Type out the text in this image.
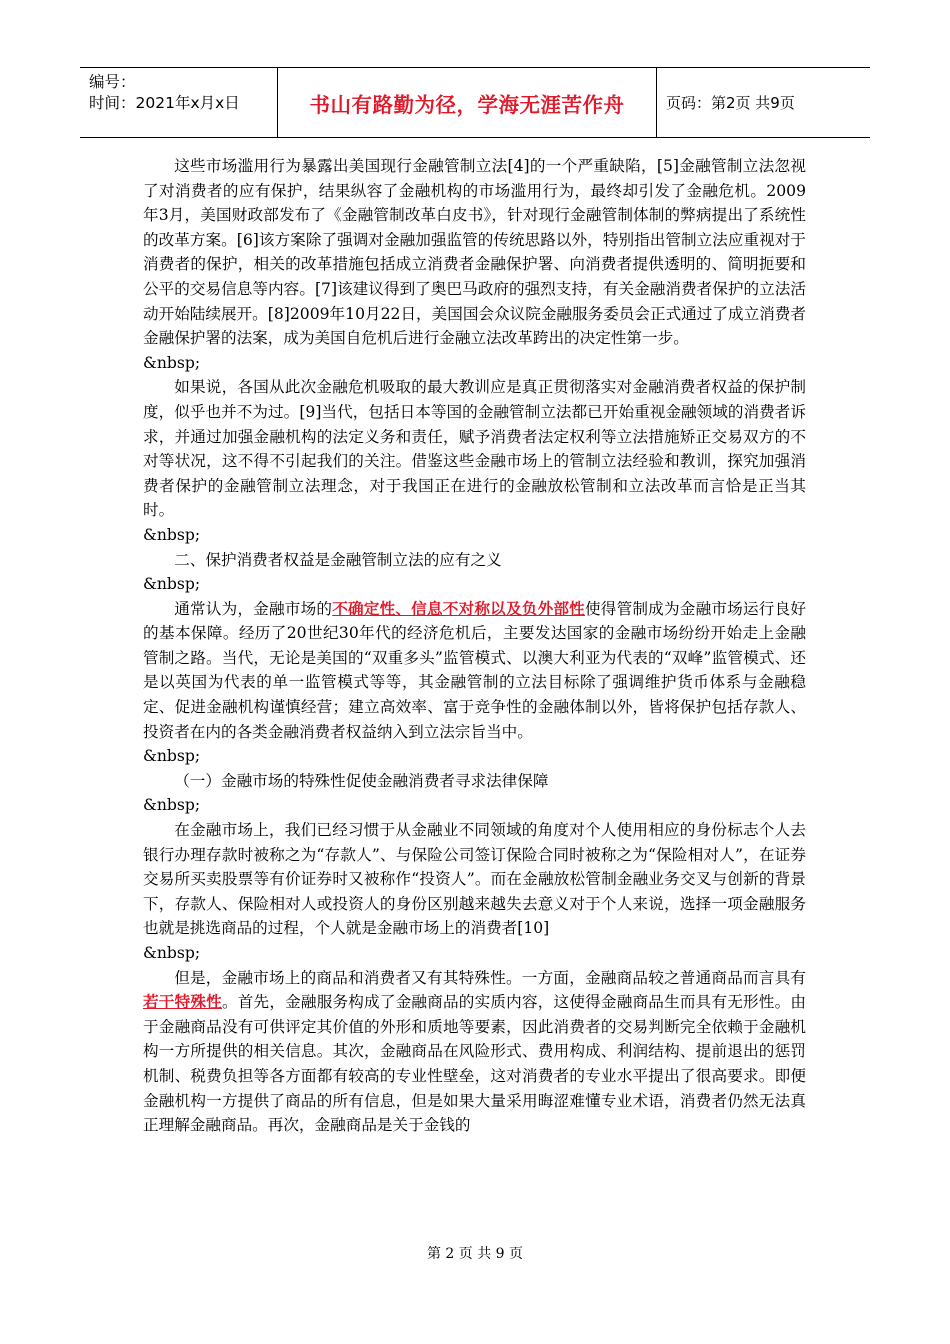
编号：
时间：2021年x月x日	书山有路勤为径，学海无涯苦作舟	页码：第2页 共9页

这些市场滥用行为暴露出美国现行金融管制立法[4]的一个严重缺陷，[5]金融管制立法忽视了对消费者的应有保护，结果纵容了金融机构的市场滥用行为，最终却引发了金融危机。2009年3月，美国财政部发布了《金融管制改革白皮书》，针对现行金融管制体制的弊病提出了系统性的改革方案。[6]该方案除了强调对金融加强监管的传统思路以外，特别指出管制立法应重视对于消费者的保护，相关的改革措施包括成立消费者金融保护署、向消费者提供透明的、简明扼要和公平的交易信息等内容。[7]该建议得到了奥巴马政府的强烈支持，有关金融消费者保护的立法活动开始陆续展开。[8]2009年10月22日，美国国会众议院金融服务委员会正式通过了成立消费者金融保护署的法案，成为美国自危机后进行金融立法改革跨出的决定性第一步。

&nbsp;

如果说，各国从此次金融危机吸取的最大教训应是真正贯彻落实对金融消费者权益的保护制度，似乎也并不为过。[9]当代，包括日本等国的金融管制立法都已开始重视金融领域的消费者诉求，并通过加强金融机构的法定义务和责任，赋予消费者法定权利等立法措施矫正交易双方的不对等状况，这不得不引起我们的关注。借鉴这些金融市场上的管制立法经验和教训，探究加强消费者保护的金融管制立法理念，对于我国正在进行的金融放松管制和立法改革而言恰是正当其时。

&nbsp;

二、保护消费者权益是金融管制立法的应有之义

&nbsp;

通常认为，金融市场的不确定性、信息不对称以及负外部性使得管制成为金融市场运行良好的基本保障。经历了20世纪30年代的经济危机后，主要发达国家的金融市场纷纷开始走上金融管制之路。当代，无论是美国的“双重多头”监管模式、以澳大利亚为代表的“双峰”监管模式、还是以英国为代表的单一监管模式等等，其金融管制的立法目标除了强调维护货币体系与金融稳定、促进金融机构谨慎经营；建立高效率、富于竞争性的金融体制以外，皆将保护包括存款人、投资者在内的各类金融消费者权益纳入到立法宗旨当中。

&nbsp;

（一）金融市场的特殊性促使金融消费者寻求法律保障

&nbsp;

在金融市场上，我们已经习惯于从金融业不同领域的角度对个人使用相应的身份标志个人去银行办理存款时被称之为“存款人”、与保险公司签订保险合同时被称之为“保险相对人”，在证券交易所买卖股票等有价证券时又被称作“投资人”。而在金融放松管制金融业务交叉与创新的背景下，存款人、保险相对人或投资人的身份区别越来越失去意义对于个人来说，选择一项金融服务也就是挑选商品的过程，个人就是金融市场上的消费者[10]

&nbsp;

但是，金融市场上的商品和消费者又有其特殊性。一方面，金融商品较之普通商品而言具有若干特殊性。首先，金融服务构成了金融商品的实质内容，这使得金融商品生而具有无形性。由于金融商品没有可供评定其价值的外形和质地等要素，因此消费者的交易判断完全依赖于金融机构一方所提供的相关信息。其次，金融商品在风险形式、费用构成、利润结构、提前退出的惩罚机制、税费负担等各方面都有较高的专业性壁垒，这对消费者的专业水平提出了很高要求。即便金融机构一方提供了商品的所有信息，但是如果大量采用晦涩难懂专业术语，消费者仍然无法真正理解金融商品。再次，金融商品是关于金钱的

第 2 页 共 9 页
